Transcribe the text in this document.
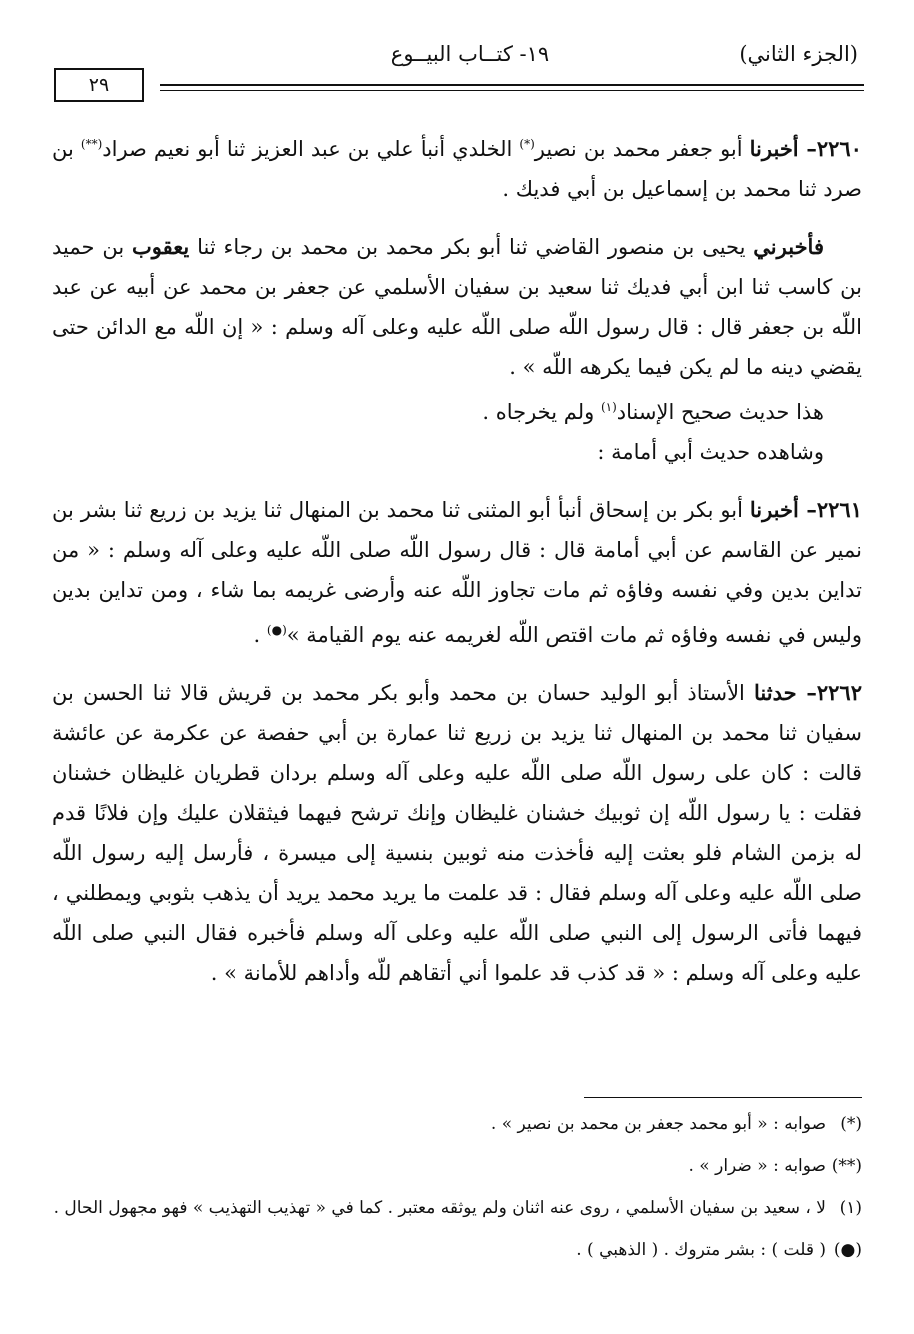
(الجزء الثاني)
١٩- كتــاب البيــوع
٢٩

٢٢٦٠– أخبرنا أبو جعفر محمد بن نصير(*) الخلدي أنبأ علي بن عبد العزيز ثنا أبو نعيم صراد(**) بن صرد ثنا محمد بن إسماعيل بن أبي فديك .

فأخبرني يحيى بن منصور القاضي ثنا أبو بكر محمد بن محمد بن رجاء ثنا يعقوب بن حميد بن كاسب ثنا ابن أبي فديك ثنا سعيد بن سفيان الأسلمي عن جعفر بن محمد عن أبيه عن عبد اللّه بن جعفر قال : قال رسول اللّه صلى اللّه عليه وعلى آله وسلم : « إن اللّه مع الدائن حتى يقضي دينه ما لم يكن فيما يكرهه اللّه » .

هذا حديث صحيح الإسناد$^{(١)}$ ولم يخرجاه .

وشاهده حديث أبي أمامة :

٢٢٦١– أخبرنا أبو بكر بن إسحاق أنبأ أبو المثنى ثنا محمد بن المنهال ثنا يزيد بن زريع ثنا بشر بن نمير عن القاسم عن أبي أمامة قال : قال رسول اللّه صلى اللّه عليه وعلى آله وسلم : « من تداين بدين وفي نفسه وفاؤه ثم مات تجاوز اللّه عنه وأرضى غريمه بما شاء ، ومن تداين بدين وليس في نفسه وفاؤه ثم مات اقتص اللّه لغريمه عنه يوم القيامة »(●) .

٢٢٦٢– حدثنا الأستاذ أبو الوليد حسان بن محمد وأبو بكر محمد بن قريش قالا ثنا الحسن بن سفيان ثنا محمد بن المنهال ثنا يزيد بن زريع ثنا عمارة بن أبي حفصة عن عكرمة عن عائشة قالت : كان على رسول اللّه صلى اللّه عليه وعلى آله وسلم بردان قطريان غليظان خشنان فقلت : يا رسول اللّه إن ثوبيك خشنان غليظان وإنك ترشح فيهما فيثقلان عليك وإن فلانًا قدم له بزمن الشام فلو بعثت إليه فأخذت منه ثوبين بنسية إلى ميسرة ، فأرسل إليه رسول اللّه صلى اللّه عليه وعلى آله وسلم فقال : قد علمت ما يريد محمد يريد أن يذهب بثوبي ويمطلني ، فيهما فأتى الرسول إلى النبي صلى اللّه عليه وعلى آله وسلم فأخبره فقال النبي صلى اللّه عليه وعلى آله وسلم : « قد كذب قد علموا أني أتقاهم للّه وأداهم للأمانة » .

(*)
صوابه : « أبو محمد جعفر بن محمد بن نصير » .
(**)
صوابه : « ضرار » .
(١)
لا ، سعيد بن سفيان الأسلمي ، روى عنه اثنان ولم يوثقه معتبر . كما في « تهذيب التهذيب » فهو مجهول الحال .
(●)
( قلت ) : بشر متروك . ( الذهبي ) .
